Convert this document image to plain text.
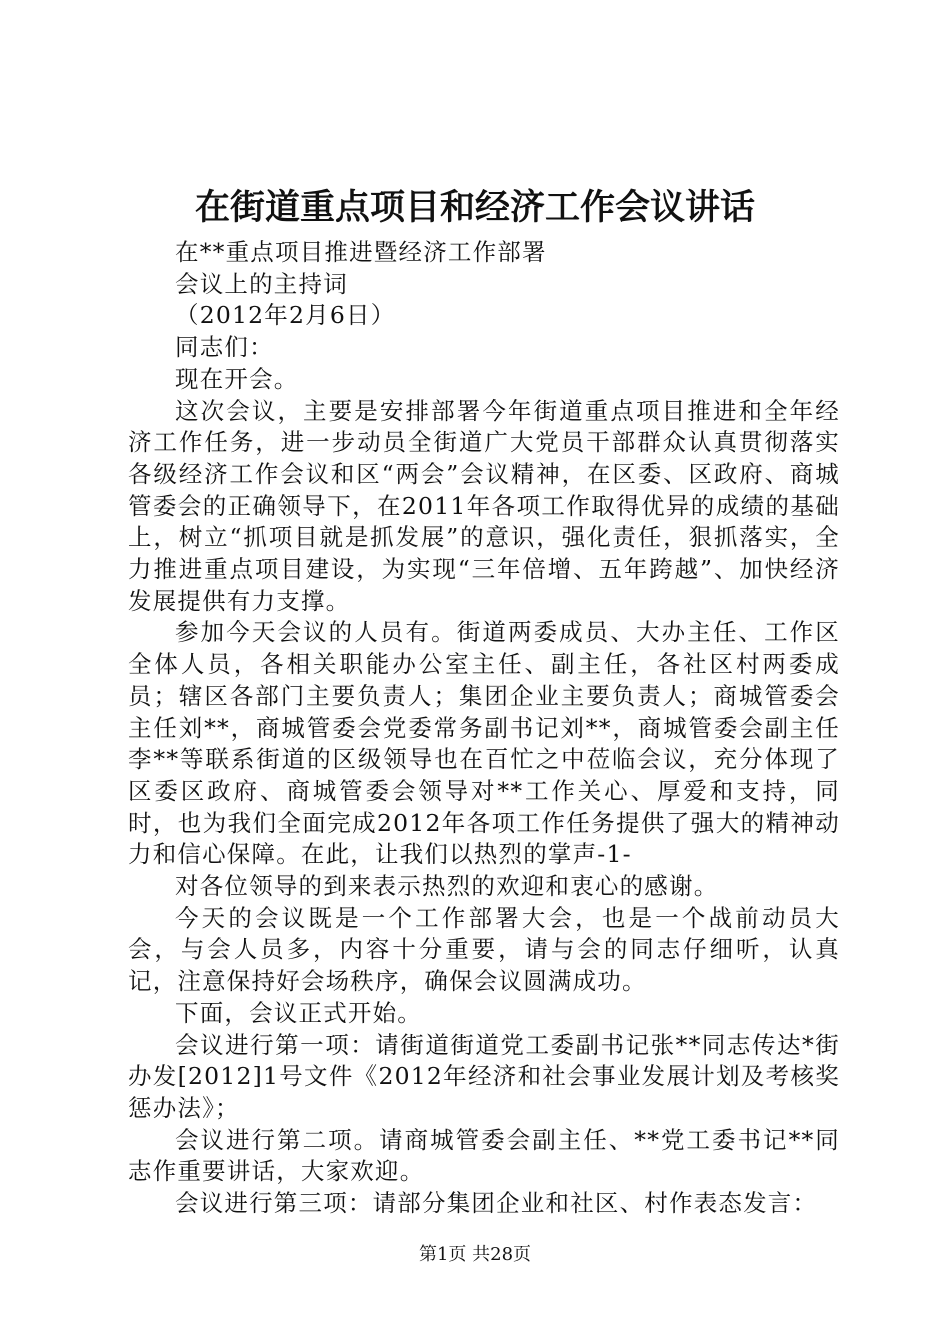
在街道重点项目和经济工作会议讲话

在**重点项目推进暨经济工作部署

会议上的主持词

（2012年2月6日）

同志们：

现在开会。

这次会议，主要是安排部署今年街道重点项目推进和全年经济工作任务，进一步动员全街道广大党员干部群众认真贯彻落实各级经济工作会议和区“两会”会议精神，在区委、区政府、商城管委会的正确领导下，在2011年各项工作取得优异的成绩的基础上，树立“抓项目就是抓发展”的意识，强化责任，狠抓落实，全力推进重点项目建设，为实现“三年倍增、五年跨越”、加快经济发展提供有力支撑。

参加今天会议的人员有。街道两委成员、大办主任、工作区全体人员，各相关职能办公室主任、副主任，各社区村两委成员；辖区各部门主要负责人；集团企业主要负责人；商城管委会主任刘**，商城管委会党委常务副书记刘**，商城管委会副主任李**等联系街道的区级领导也在百忙之中莅临会议，充分体现了区委区政府、商城管委会领导对**工作关心、厚爱和支持，同时，也为我们全面完成2012年各项工作任务提供了强大的精神动力和信心保障。在此，让我们以热烈的掌声-1-

对各位领导的到来表示热烈的欢迎和衷心的感谢。

今天的会议既是一个工作部署大会，也是一个战前动员大会，与会人员多，内容十分重要，请与会的同志仔细听，认真记，注意保持好会场秩序，确保会议圆满成功。

下面，会议正式开始。

会议进行第一项：请街道街道党工委副书记张**同志传达*街办发[2012]1号文件《2012年经济和社会事业发展计划及考核奖惩办法》；

会议进行第二项。请商城管委会副主任、**党工委书记**同志作重要讲话，大家欢迎。

会议进行第三项：请部分集团企业和社区、村作表态发言：

第1页 共28页
